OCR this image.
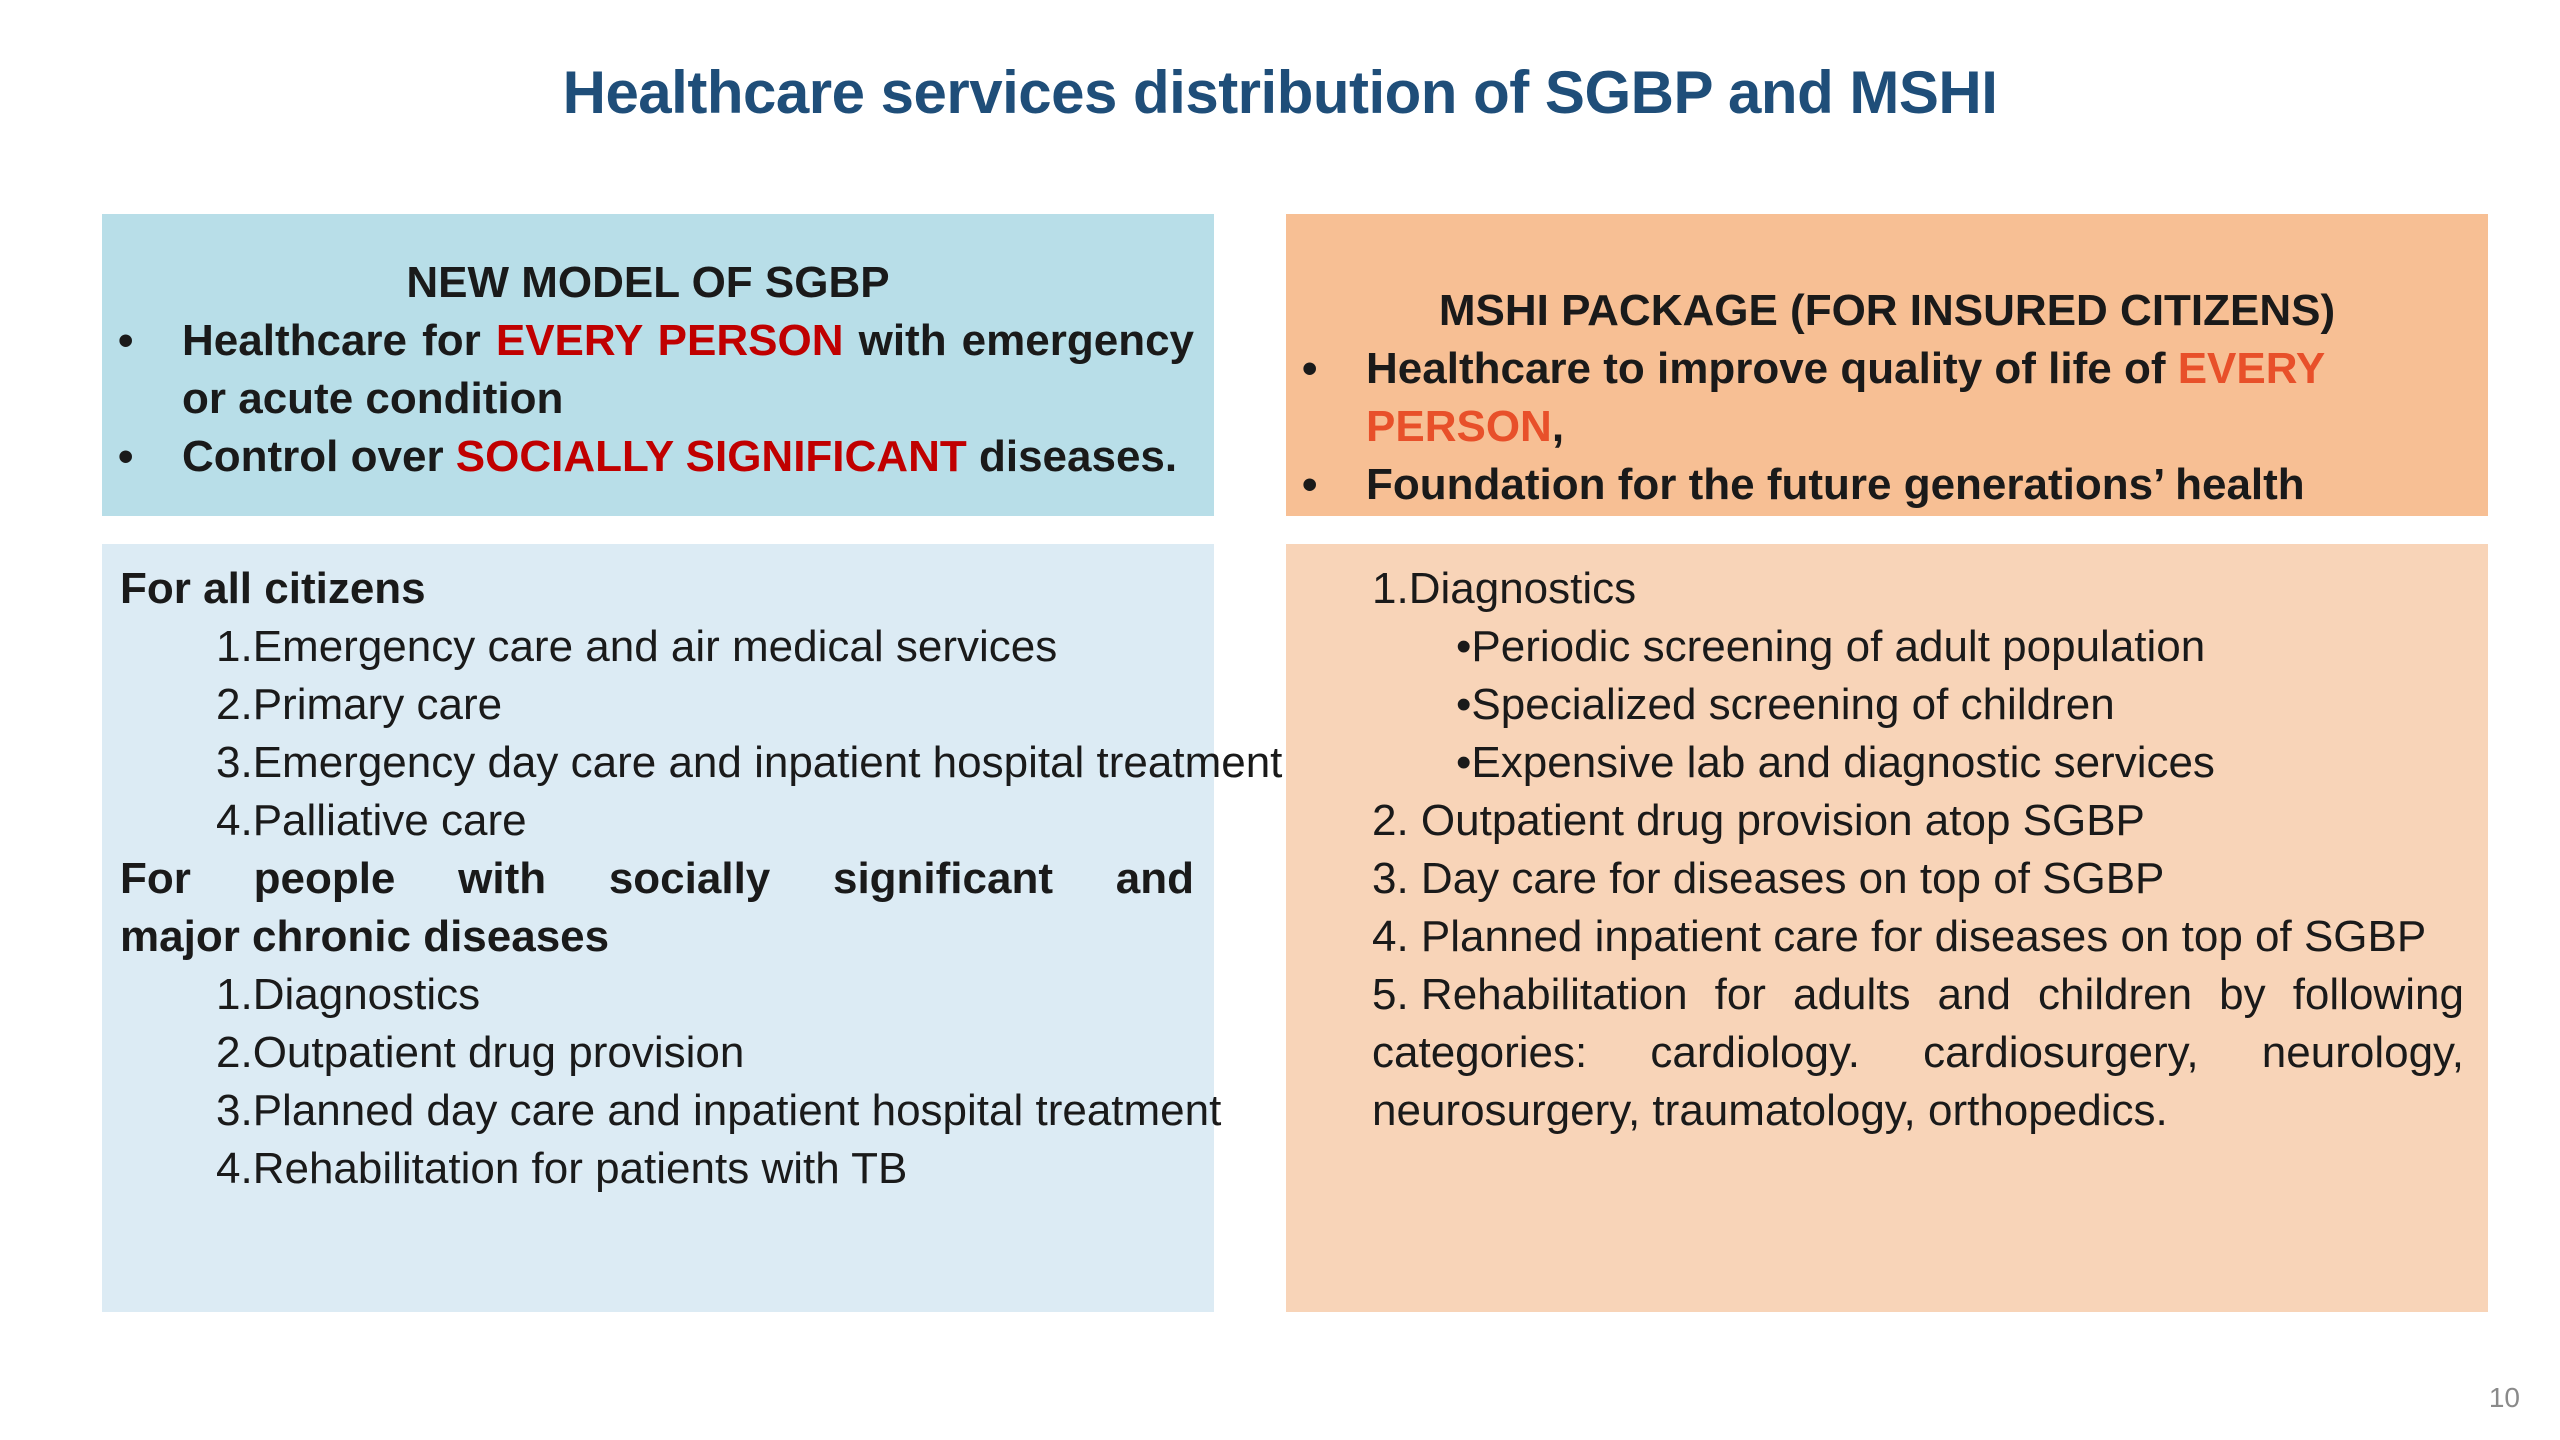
Healthcare services distribution of SGBP and MSHI
NEW MODEL OF SGBP
• Healthcare for EVERY PERSON with emergency or acute condition
• Control over SOCIALLY SIGNIFICANT diseases.
MSHI PACKAGE (FOR INSURED CITIZENS)
• Healthcare to improve quality of life of EVERY PERSON,
• Foundation for the future generations’ health
For all citizens
1.Emergency care and air medical services
2.Primary care
3.Emergency day care and inpatient hospital treatment
4.Palliative care
For people with socially significant and
major chronic diseases
1.Diagnostics
2.Outpatient drug provision
3.Planned day care and inpatient hospital treatment
4.Rehabilitation for patients with TB
1.Diagnostics
•Periodic screening of adult population
•Specialized screening of children
•Expensive lab and diagnostic services
2. Outpatient drug provision atop SGBP
3. Day care for diseases on top of SGBP
4. Planned inpatient care for diseases on top of SGBP
5. Rehabilitation for adults and children by following
categories: cardiology. cardiosurgery, neurology,
neurosurgery, traumatology, orthopedics.
10
